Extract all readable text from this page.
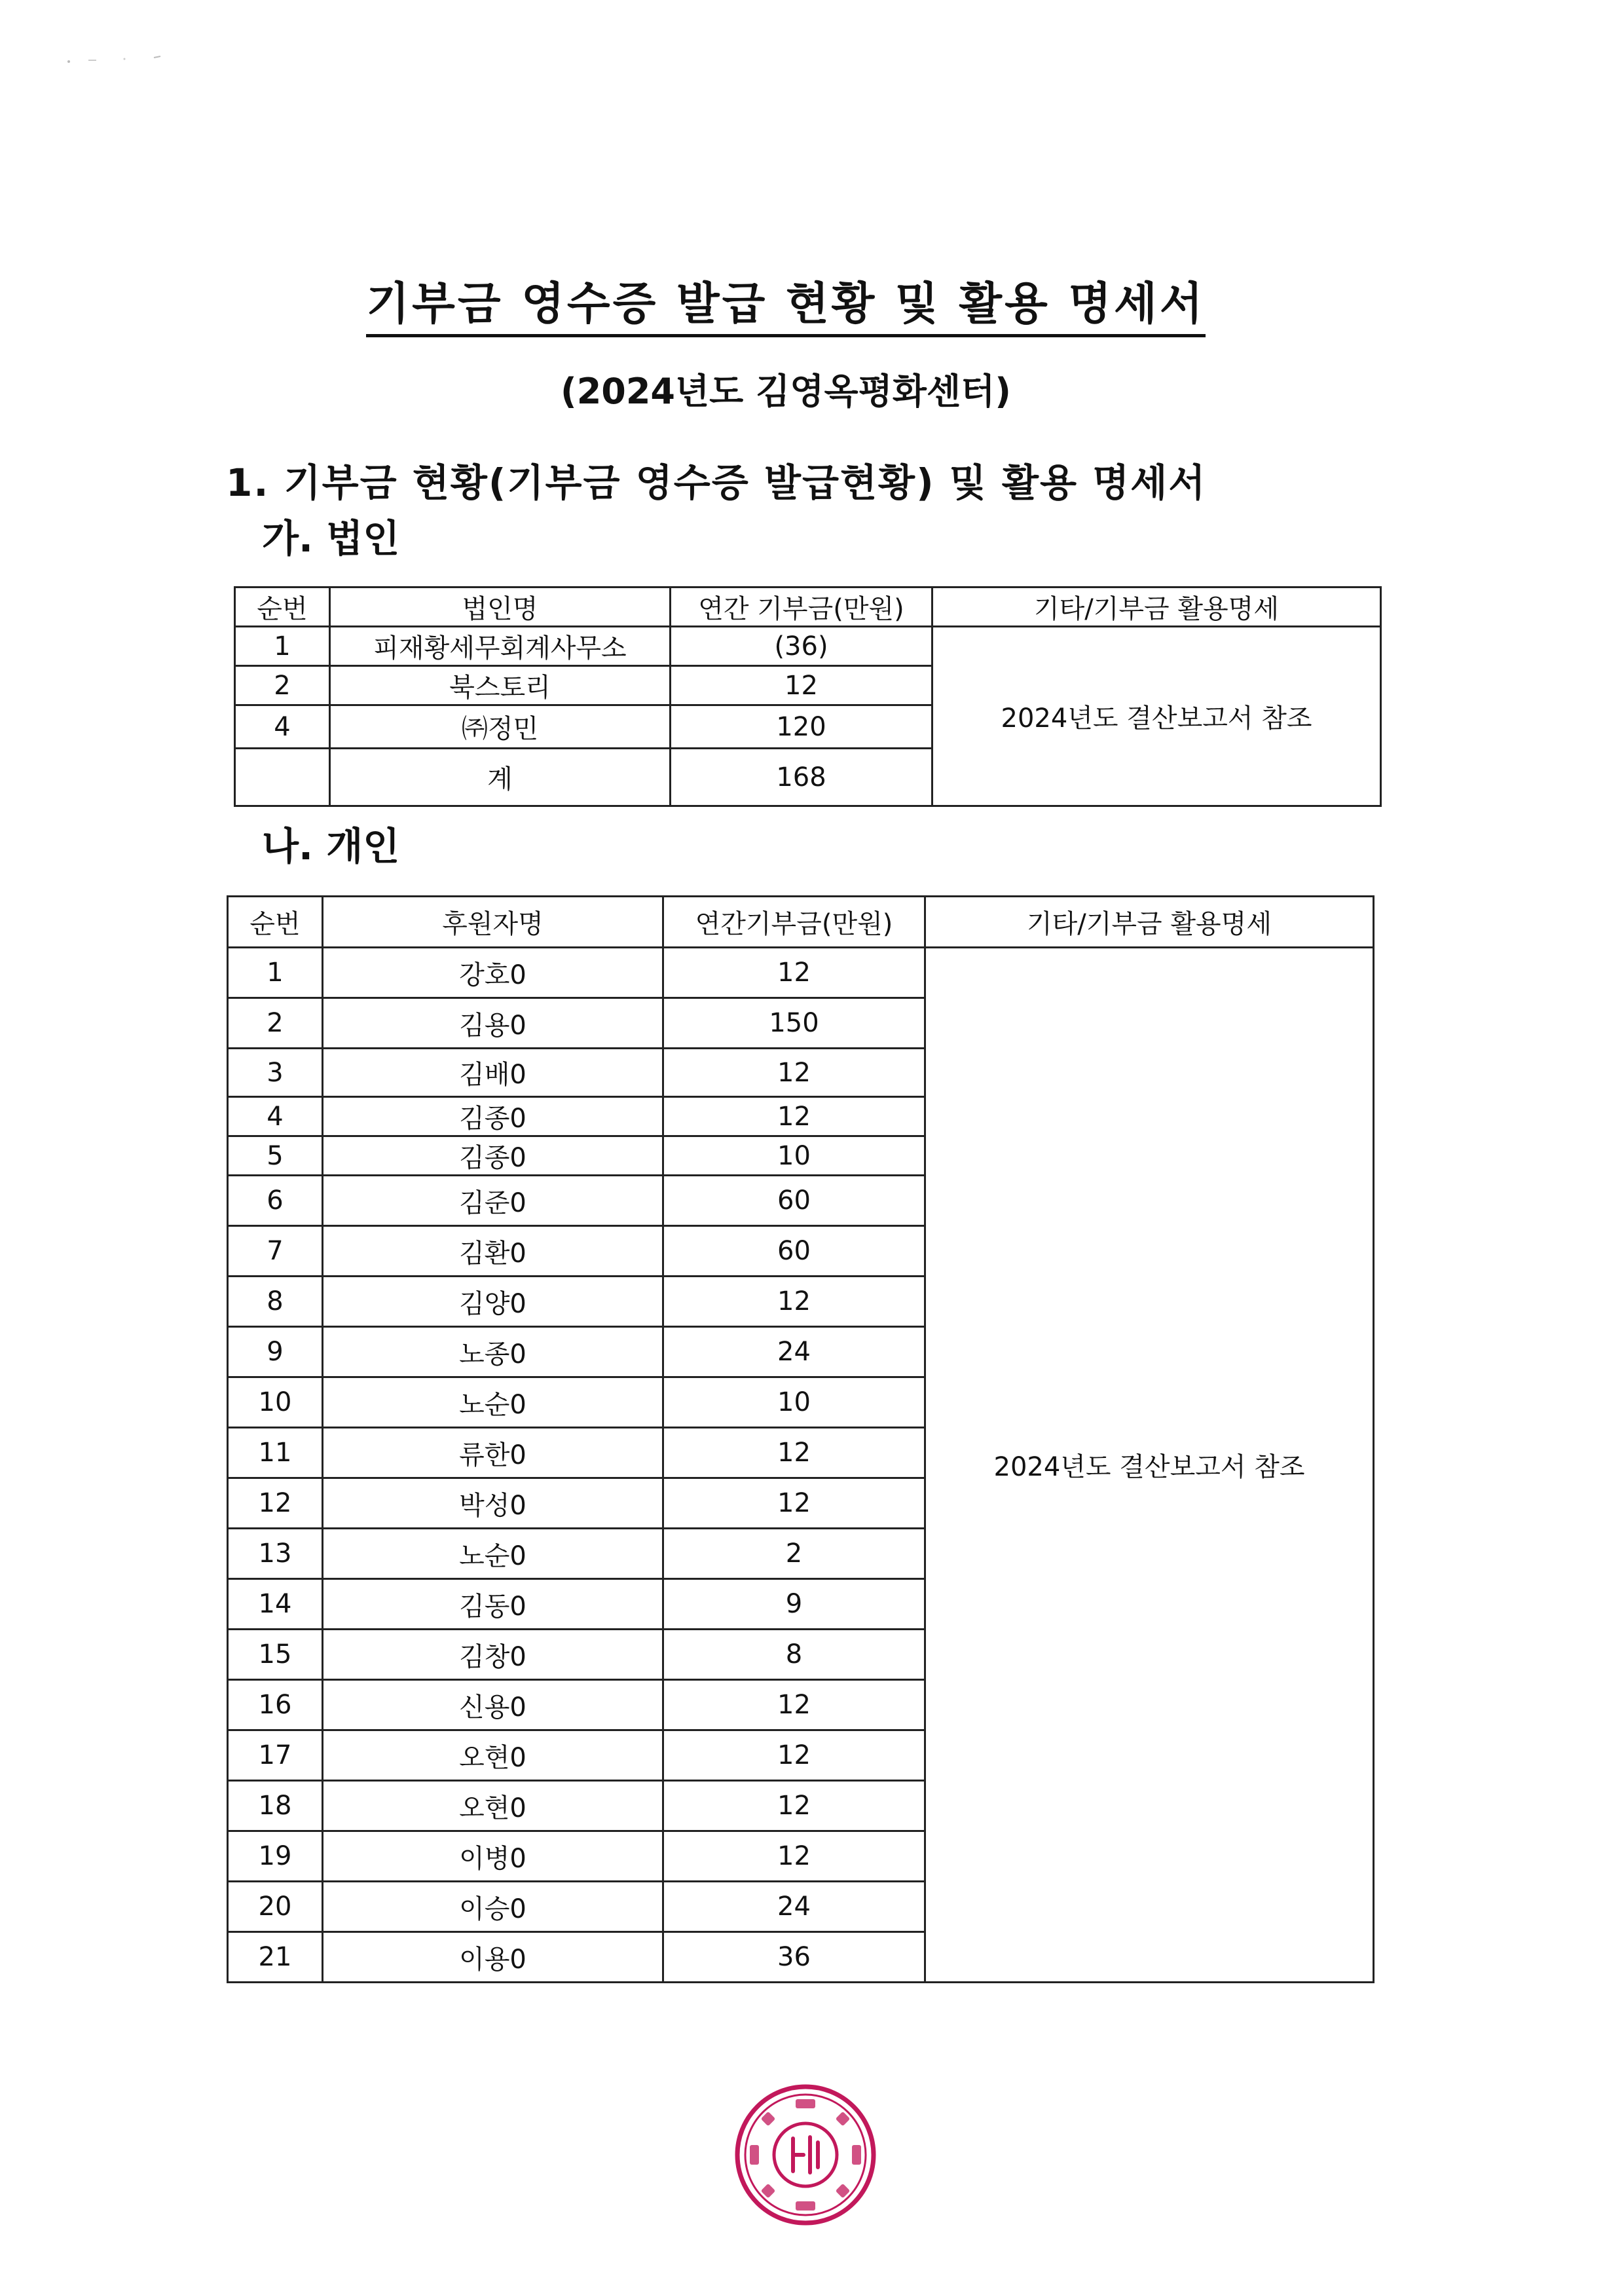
기부금 영수증 발급 현황 및 활용 명세서
(2024년도 김영옥평화센터)
1. 기부금 현황(기부금 영수증 발급현황) 및 활용 명세서
가. 법인
순번	법인명	연간 기부금(만원)	기타/기부금 활용명세
1	피재황세무회계사무소	(36)	2024년도 결산보고서 참조
2	북스토리	12	
4	㈜정민	120	
	계	168	
나. 개인
순번	후원자명	연간기부금(만원)	기타/기부금 활용명세
1	강호0	12	2024년도 결산보고서 참조
2	김용0	150	
3	김배0	12	
4	김종0	12	
5	김종0	10	
6	김준0	60	
7	김환0	60	
8	김양0	12	
9	노종0	24	
10	노순0	10	
11	류한0	12	
12	박성0	12	
13	노순0	2	
14	김동0	9	
15	김창0	8	
16	신용0	12	
17	오현0	12	
18	오현0	12	
19	이병0	12	
20	이승0	24	
21	이용0	36	
